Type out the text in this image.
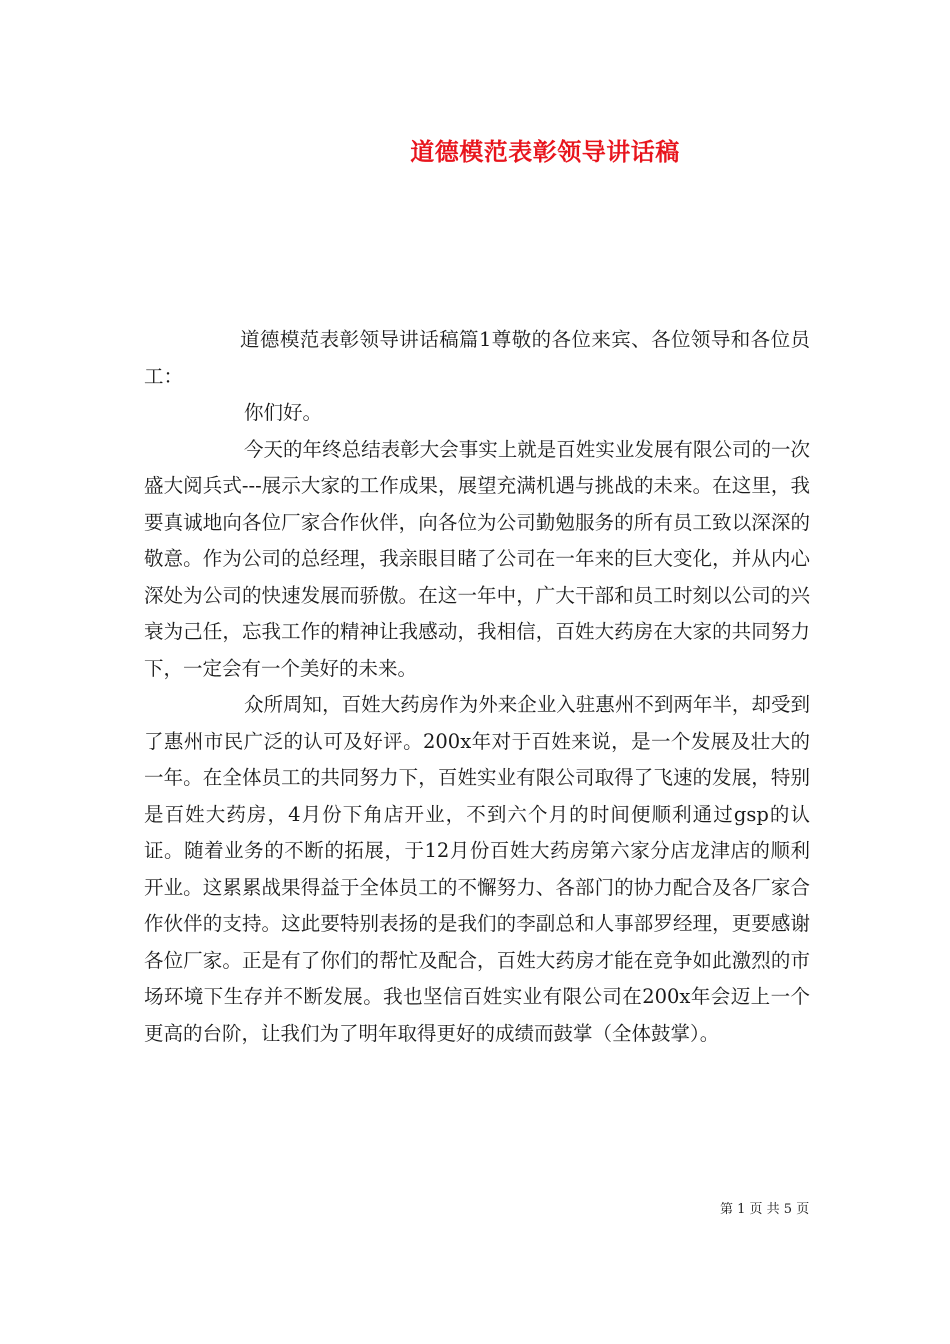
道德模范表彰领导讲话稿

道德模范表彰领导讲话稿篇1尊敬的各位来宾、各位领导和各位员工：

你们好。

今天的年终总结表彰大会事实上就是百姓实业发展有限公司的一次盛大阅兵式---展示大家的工作成果，展望充满机遇与挑战的未来。在这里，我要真诚地向各位厂家合作伙伴，向各位为公司勤勉服务的所有员工致以深深的敬意。作为公司的总经理，我亲眼目睹了公司在一年来的巨大变化，并从内心深处为公司的快速发展而骄傲。在这一年中，广大干部和员工时刻以公司的兴衰为己任，忘我工作的精神让我感动，我相信，百姓大药房在大家的共同努力下，一定会有一个美好的未来。

众所周知，百姓大药房作为外来企业入驻惠州不到两年半，却受到了惠州市民广泛的认可及好评。200x年对于百姓来说，是一个发展及壮大的一年。在全体员工的共同努力下，百姓实业有限公司取得了飞速的发展，特别是百姓大药房，4月份下角店开业，不到六个月的时间便顺利通过gsp的认证。随着业务的不断的拓展，于12月份百姓大药房第六家分店龙津店的顺利开业。这累累战果得益于全体员工的不懈努力、各部门的协力配合及各厂家合作伙伴的支持。这此要特别表扬的是我们的李副总和人事部罗经理，更要感谢各位厂家。正是有了你们的帮忙及配合，百姓大药房才能在竞争如此激烈的市场环境下生存并不断发展。我也坚信百姓实业有限公司在200x年会迈上一个更高的台阶，让我们为了明年取得更好的成绩而鼓掌（全体鼓掌）。

第 1 页 共 5 页
